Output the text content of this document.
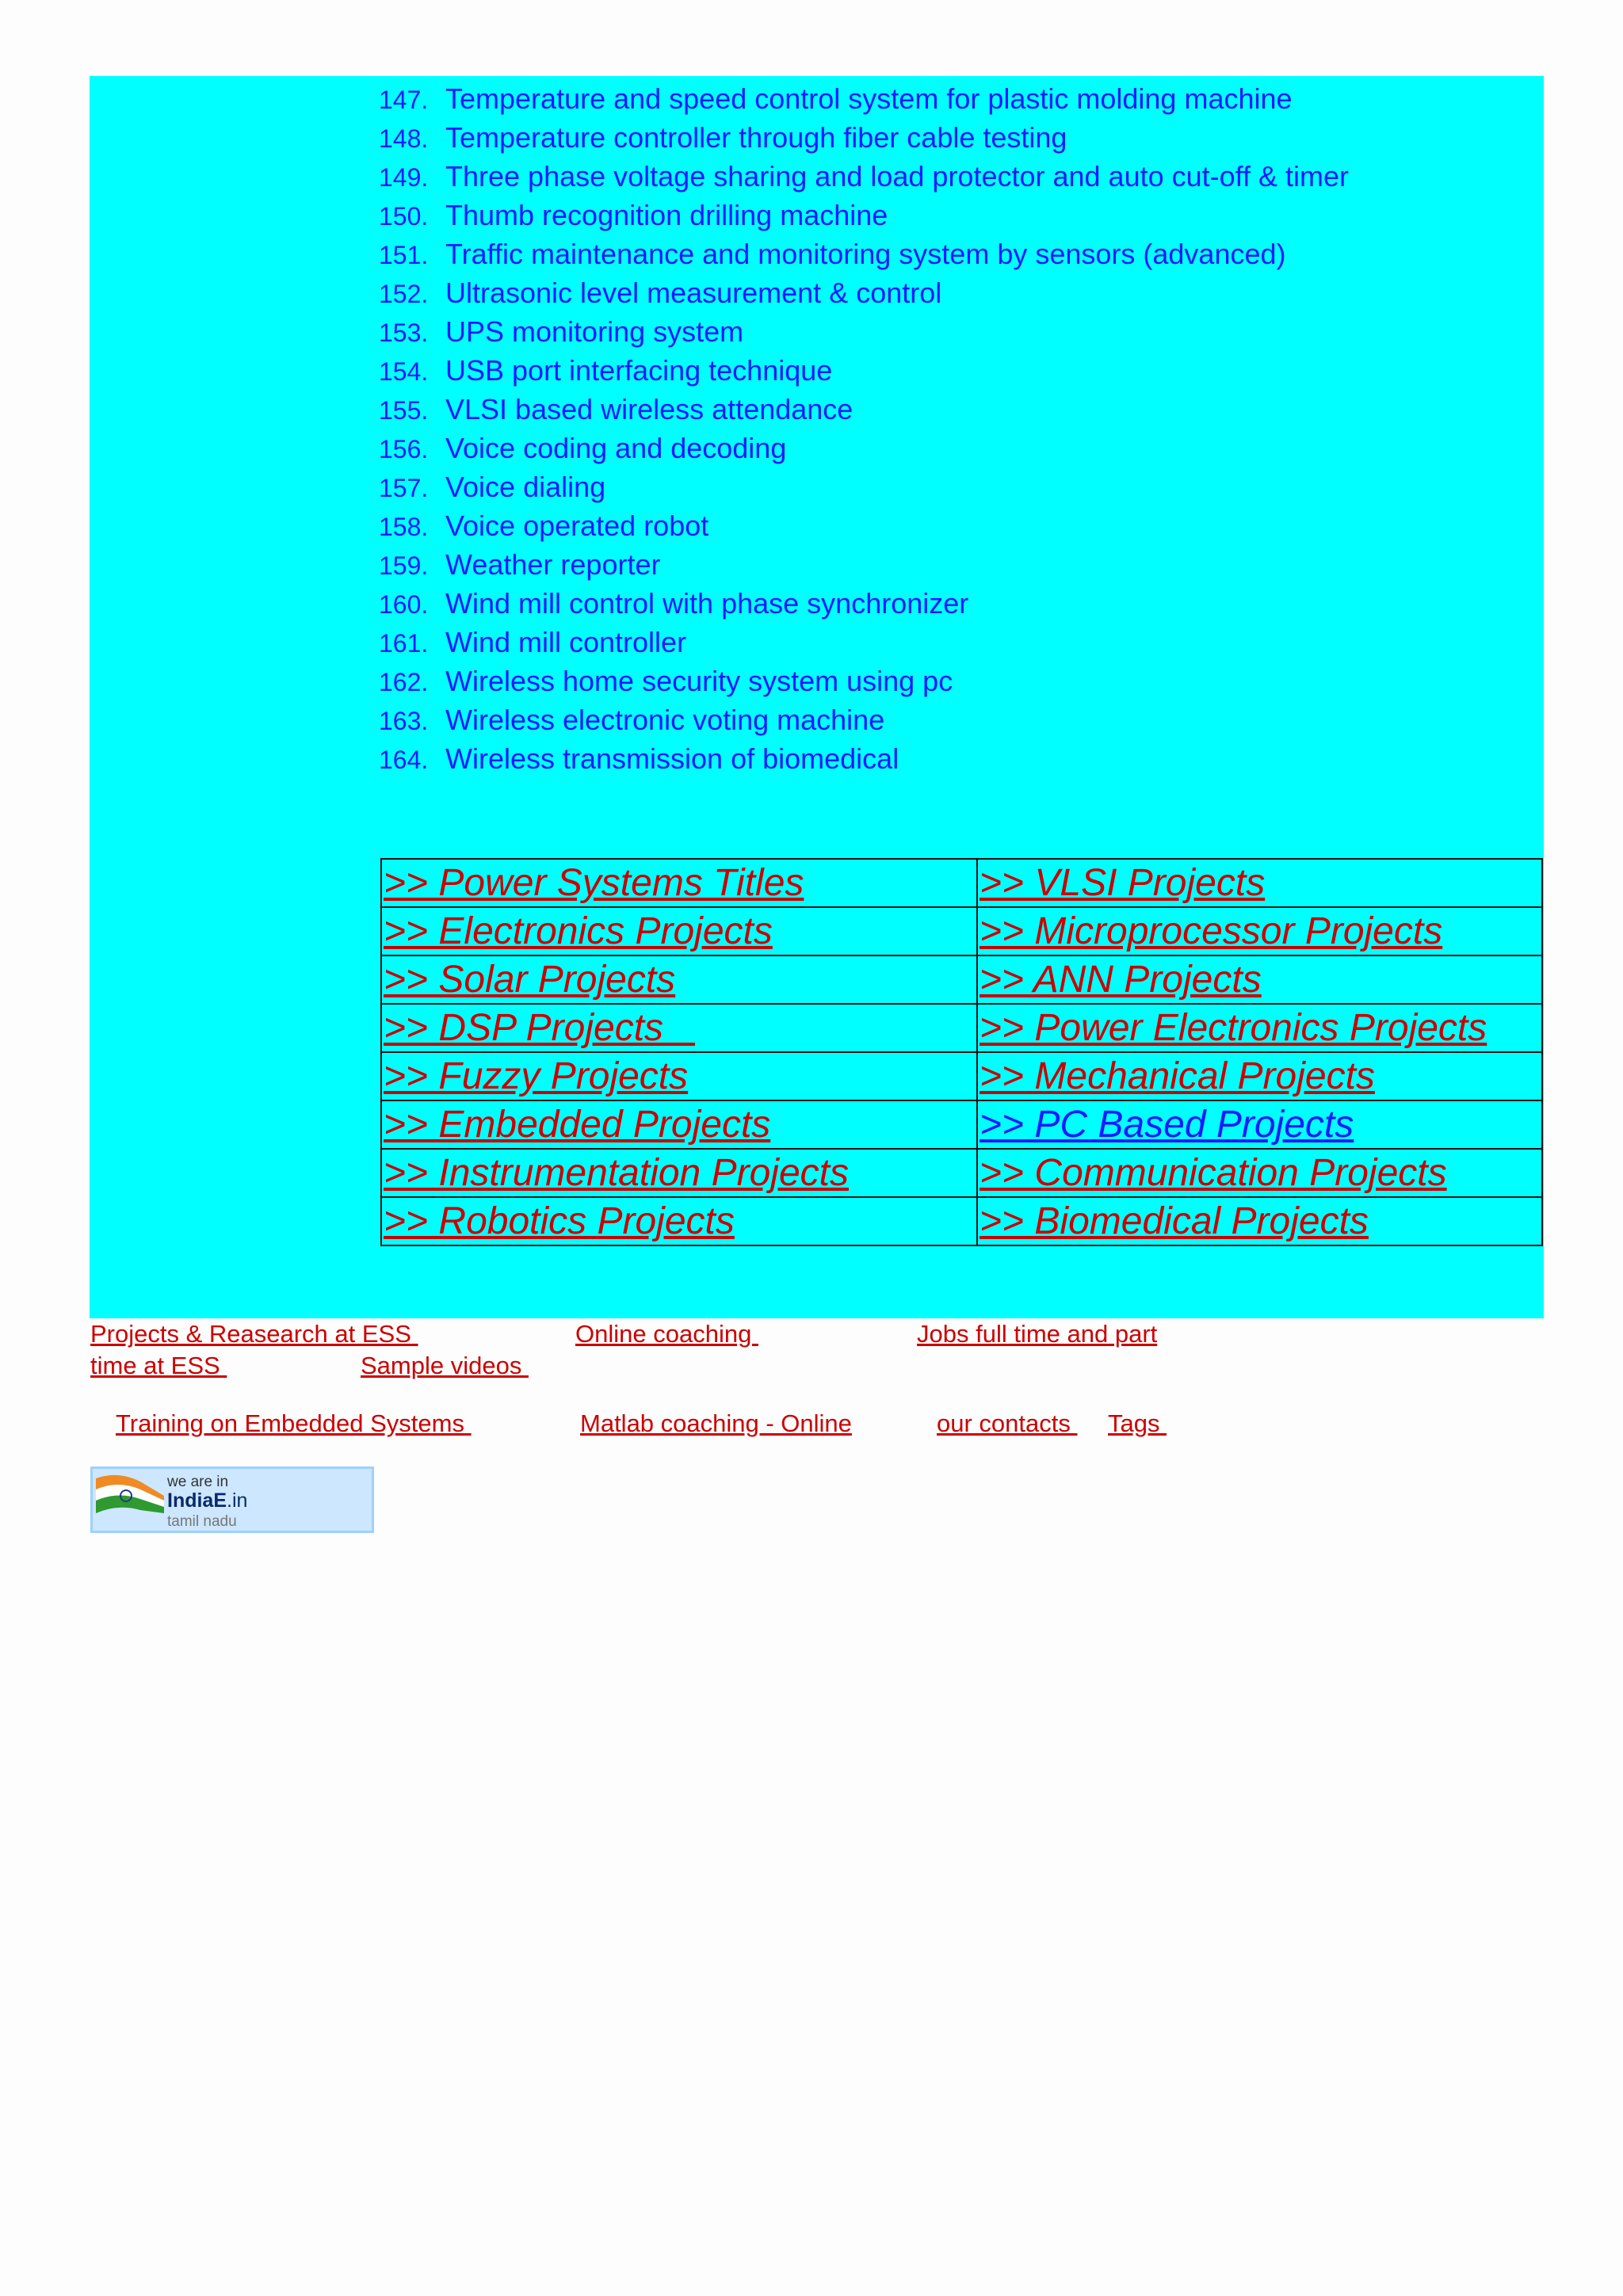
147. Temperature and speed control system for plastic molding machine
148. Temperature controller through fiber cable testing
149. Three phase voltage sharing and load protector and auto cut-off & timer
150. Thumb recognition drilling machine
151. Traffic maintenance and monitoring system by sensors (advanced)
152. Ultrasonic level measurement & control
153. UPS monitoring system
154. USB port interfacing technique
155. VLSI based wireless attendance
156. Voice coding and decoding
157. Voice dialing
158. Voice operated robot
159. Weather reporter
160. Wind mill control with phase synchronizer
161. Wind mill controller
162. Wireless home security system using pc
163. Wireless electronic voting machine
164. Wireless transmission of biomedical
>> Power Systems Titles	>> VLSI Projects
>> Electronics Projects	>> Microprocessor Projects
>> Solar Projects	>> ANN Projects
>> DSP Projects	>> Power Electronics Projects
>> Fuzzy Projects	>> Mechanical Projects
>> Embedded Projects	>> PC Based Projects
>> Instrumentation Projects	>> Communication Projects
>> Robotics Projects	>> Biomedical Projects
Projects & Reasearch at ESS	Online coaching	Jobs full time and part
time at ESS	Sample videos
Training on Embedded Systems	Matlab coaching - Online	our contacts Tags
we are in
IndiaE.in
tamil nadu
